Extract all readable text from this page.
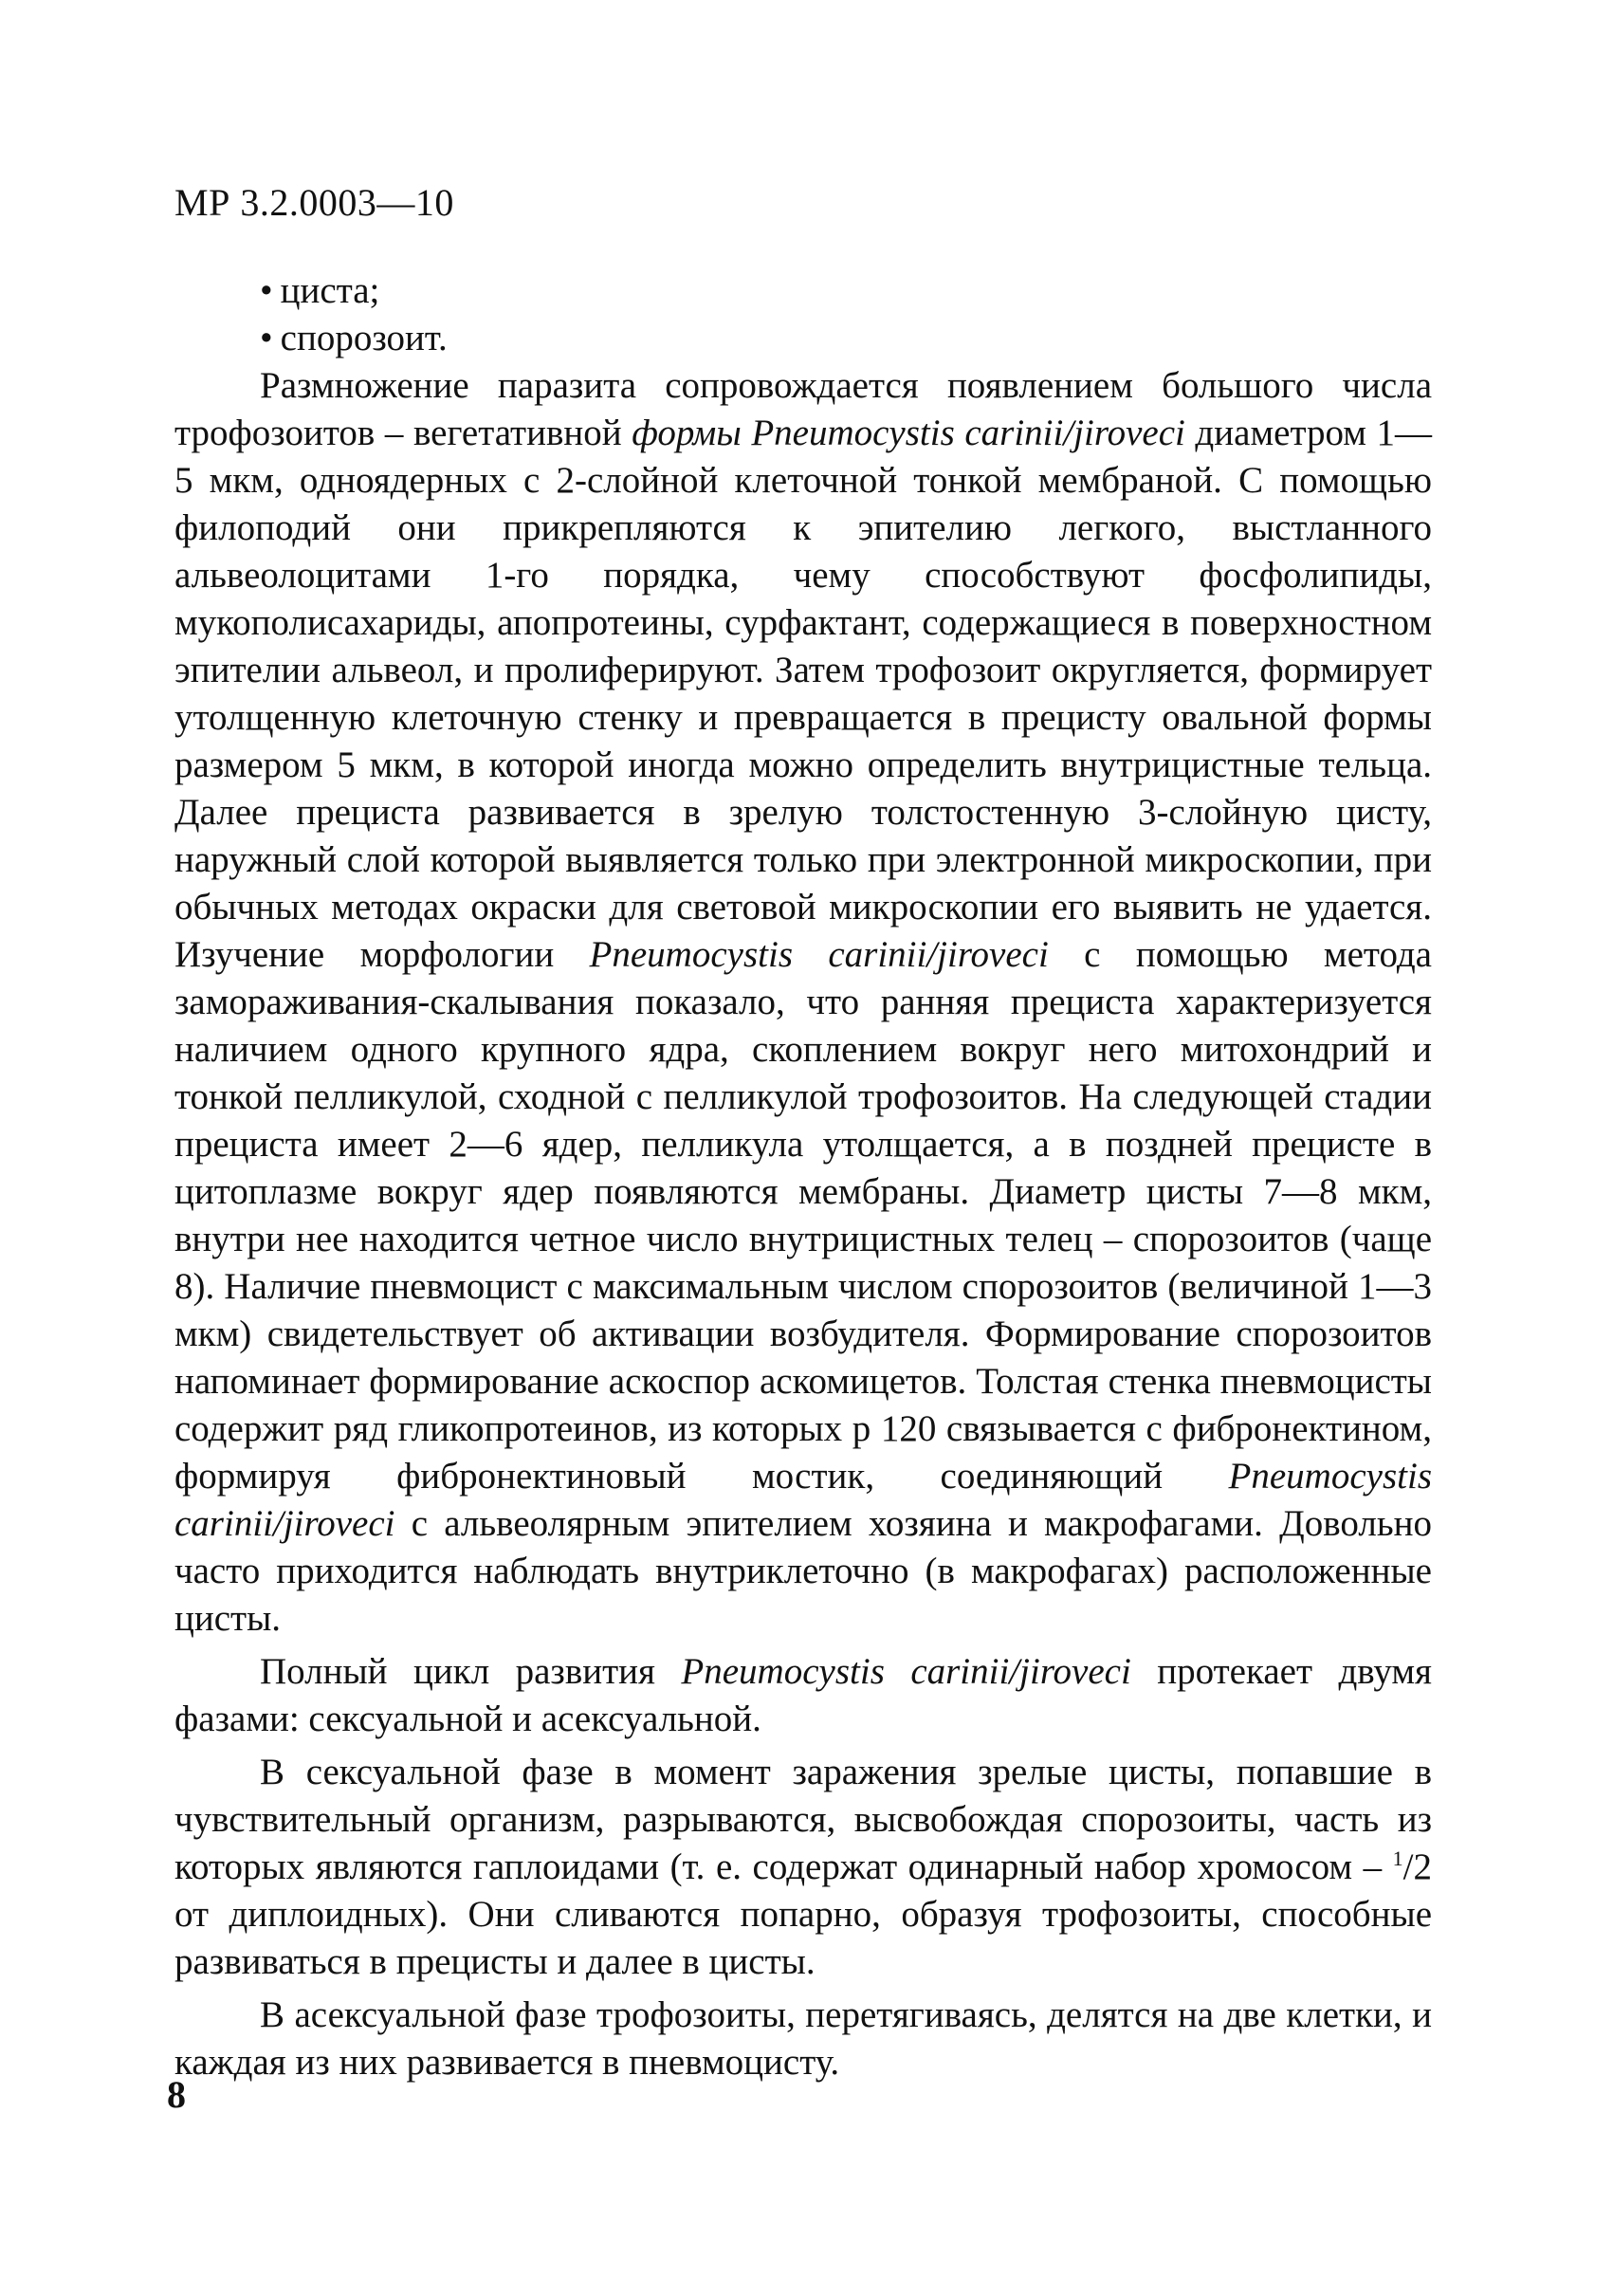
МР 3.2.0003—10

• циста;

• спорозоит.

Размножение паразита сопровождается появлением большого числа трофозоитов – вегетативной формы Pneumocystis carinii/jiroveci диаметром 1—5 мкм, одноядерных с 2-слойной клеточной тонкой мембраной. С помощью филоподий они прикрепляются к эпителию легкого, выстланного альвеолоцитами 1-го порядка, чему способствуют фосфолипиды, мукополисахариды, апопротеины, сурфактант, содержащиеся в поверхностном эпителии альвеол, и пролиферируют. Затем трофозоит округляется, формирует утолщенную клеточную стенку и превращается в прецисту овальной формы размером 5 мкм, в которой иногда можно определить внутрицистные тельца. Далее прециста развивается в зрелую толстостенную 3-слойную цисту, наружный слой которой выявляется только при электронной микроскопии, при обычных методах окраски для световой микроскопии его выявить не удается. Изучение морфологии Pneumocystis carinii/jiroveci с помощью метода замораживания-скалывания показало, что ранняя прециста характеризуется наличием одного крупного ядра, скоплением вокруг него митохондрий и тонкой пелликулой, сходной с пелликулой трофозоитов. На следующей стадии прециста имеет 2—6 ядер, пелликула утолщается, а в поздней прецисте в цитоплазме вокруг ядер появляются мембраны. Диаметр цисты 7—8 мкм, внутри нее находится четное число внутрицистных телец – спорозоитов (чаще 8). Наличие пневмоцист с максимальным числом спорозоитов (величиной 1—3 мкм) свидетельствует об активации возбудителя. Формирование спорозоитов напоминает формирование аскоспор аскомицетов. Толстая стенка пневмоцисты содержит ряд гликопротеинов, из которых р 120 связывается с фибронектином, формируя фибронектиновый мостик, соединяющий Pneumocystis carinii/jiroveci с альвеолярным эпителием хозяина и макрофагами. Довольно часто приходится наблюдать внутриклеточно (в макрофагах) расположенные цисты.

Полный цикл развития Pneumocystis carinii/jiroveci протекает двумя фазами: сексуальной и асексуальной.

В сексуальной фазе в момент заражения зрелые цисты, попавшие в чувствительный организм, разрываются, высвобождая спорозоиты, часть из которых являются гаплоидами (т. е. содержат одинарный набор хромосом – $^1$/2 от диплоидных). Они сливаются попарно, образуя трофозоиты, способные развиваться в прецисты и далее в цисты.

В асексуальной фазе трофозоиты, перетягиваясь, делятся на две клетки, и каждая из них развивается в пневмоцисту.

8
